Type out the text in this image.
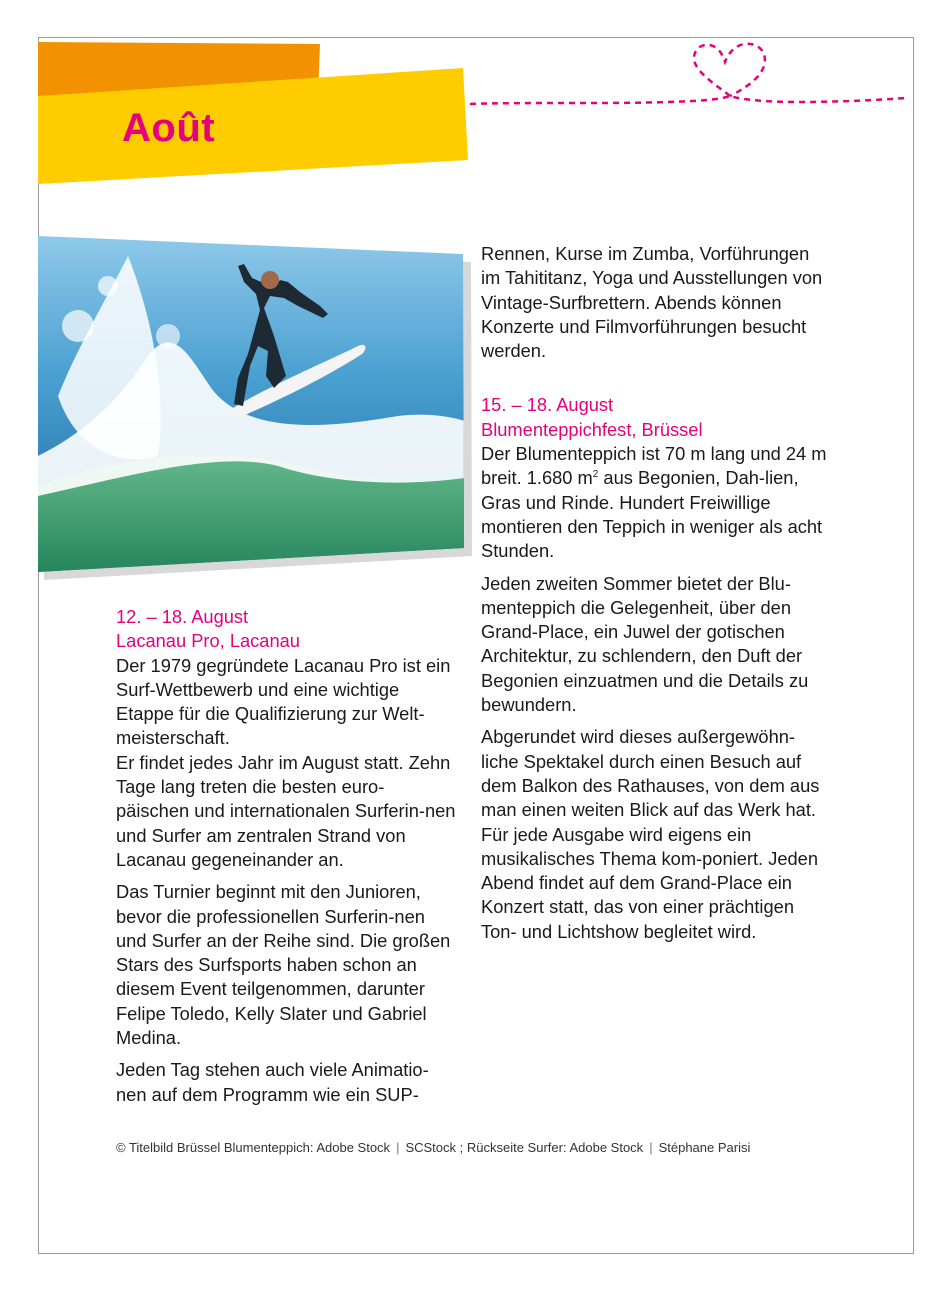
Août
12. – 18. August
Lacanau Pro, Lacanau

Der 1979 gegründete Lacanau Pro ist ein Surf-Wettbewerb und eine wichtige Etappe für die Qualifizierung zur Welt-meisterschaft.

Er findet jedes Jahr im August statt. Zehn Tage lang treten die besten euro-päischen und internationalen Surferin-nen und Surfer am zentralen Strand von Lacanau gegeneinander an.

Das Turnier beginnt mit den Junioren, bevor die professionellen Surferin-nen und Surfer an der Reihe sind. Die großen Stars des Surfsports haben schon an diesem Event teilgenommen, darunter Felipe Toledo, Kelly Slater und Gabriel Medina.

Jeden Tag stehen auch viele Animatio-nen auf dem Programm wie ein SUP-

Rennen, Kurse im Zumba, Vorführungen im Tahititanz, Yoga und Ausstellungen von Vintage-Surfbrettern. Abends können Konzerte und Filmvorführungen besucht werden.

15. – 18. August
Blumenteppichfest, Brüssel

Der Blumenteppich ist 70 m lang und 24 m breit. 1.680 $m^2$ aus Begonien, Dah-lien, Gras und Rinde. Hundert Freiwillige montieren den Teppich in weniger als acht Stunden.

Jeden zweiten Sommer bietet der Blu-menteppich die Gelegenheit, über den Grand-Place, ein Juwel der gotischen Architektur, zu schlendern, den Duft der Begonien einzuatmen und die Details zu bewundern.

Abgerundet wird dieses außergewöhn-liche Spektakel durch einen Besuch auf dem Balkon des Rathauses, von dem aus man einen weiten Blick auf das Werk hat. Für jede Ausgabe wird eigens ein musikalisches Thema kom-poniert. Jeden Abend findet auf dem Grand-Place ein Konzert statt, das von einer prächtigen Ton- und Lichtshow begleitet wird.

© Titelbild Brüssel Blumenteppich: Adobe Stock | SCStock ; Rückseite Surfer: Adobe Stock | Stéphane Parisi
